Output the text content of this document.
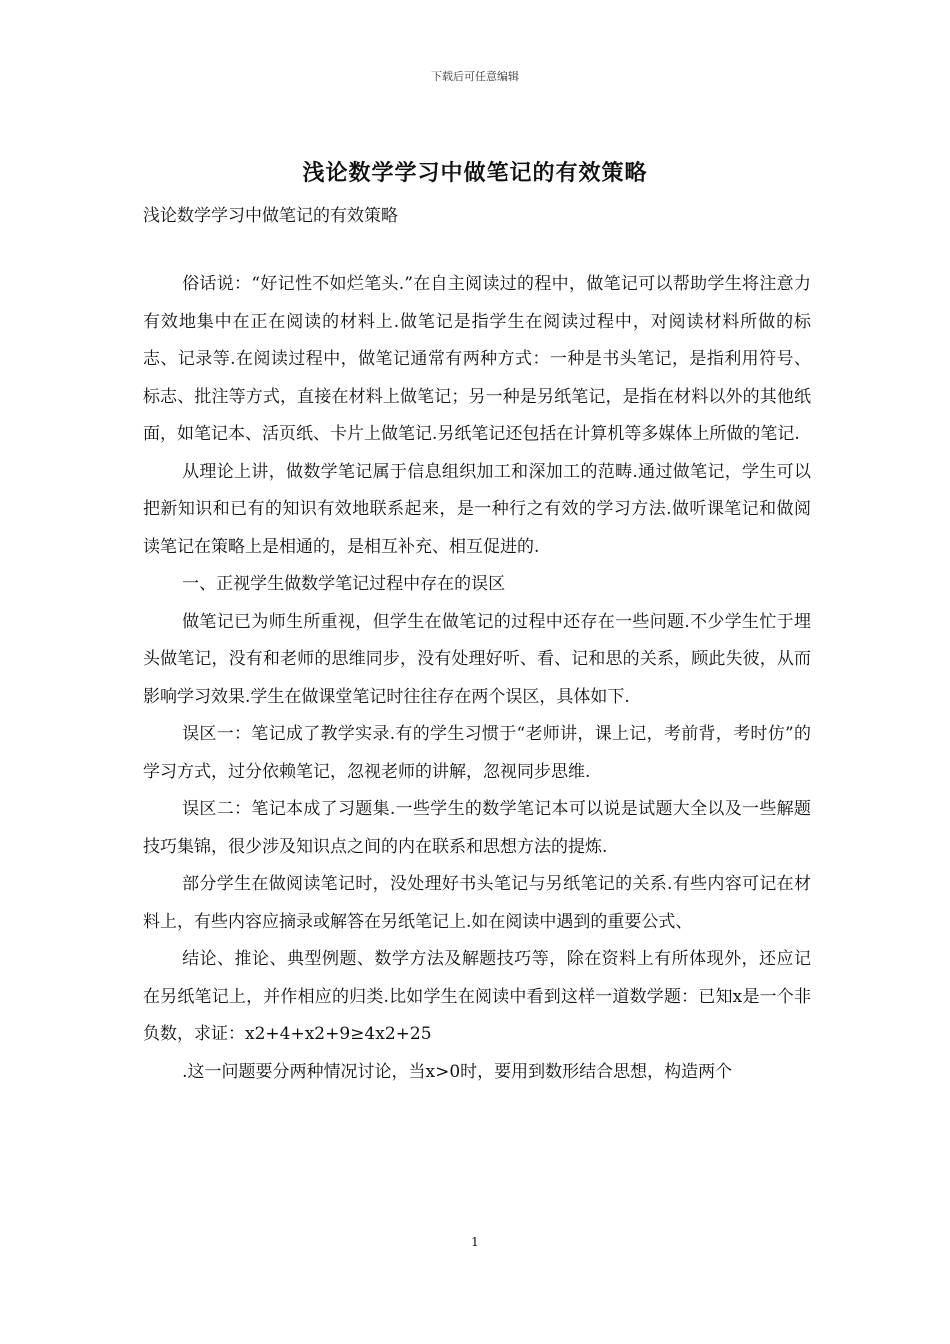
下载后可任意编辑
浅论数学学习中做笔记的有效策略
浅论数学学习中做笔记的有效策略

俗话说：“好记性不如烂笔头.”在自主阅读过的程中，做笔记可以帮助学生将注意力有效地集中在正在阅读的材料上.做笔记是指学生在阅读过程中，对阅读材料所做的标志、记录等.在阅读过程中，做笔记通常有两种方式：一种是书头笔记，是指利用符号、标志、批注等方式，直接在材料上做笔记；另一种是另纸笔记，是指在材料以外的其他纸面，如笔记本、活页纸、卡片上做笔记.另纸笔记还包括在计算机等多媒体上所做的笔记.

从理论上讲，做数学笔记属于信息组织加工和深加工的范畴.通过做笔记，学生可以把新知识和已有的知识有效地联系起来，是一种行之有效的学习方法.做听课笔记和做阅读笔记在策略上是相通的，是相互补充、相互促进的.

一、正视学生做数学笔记过程中存在的误区

做笔记已为师生所重视，但学生在做笔记的过程中还存在一些问题.不少学生忙于埋头做笔记，没有和老师的思维同步，没有处理好听、看、记和思的关系，顾此失彼，从而影响学习效果.学生在做课堂笔记时往往存在两个误区，具体如下.

误区一：笔记成了教学实录.有的学生习惯于“老师讲，课上记，考前背，考时仿”的学习方式，过分依赖笔记，忽视老师的讲解，忽视同步思维.

误区二：笔记本成了习题集.一些学生的数学笔记本可以说是试题大全以及一些解题技巧集锦，很少涉及知识点之间的内在联系和思想方法的提炼.

部分学生在做阅读笔记时，没处理好书头笔记与另纸笔记的关系.有些内容可记在材料上，有些内容应摘录或解答在另纸笔记上.如在阅读中遇到的重要公式、

结论、推论、典型例题、数学方法及解题技巧等，除在资料上有所体现外，还应记在另纸笔记上，并作相应的归类.比如学生在阅读中看到这样一道数学题：已知x是一个非负数，求证：x2+4+x2+9≥4x2+25

.这一问题要分两种情况讨论，当x>0时，要用到数形结合思想，构造两个

1
